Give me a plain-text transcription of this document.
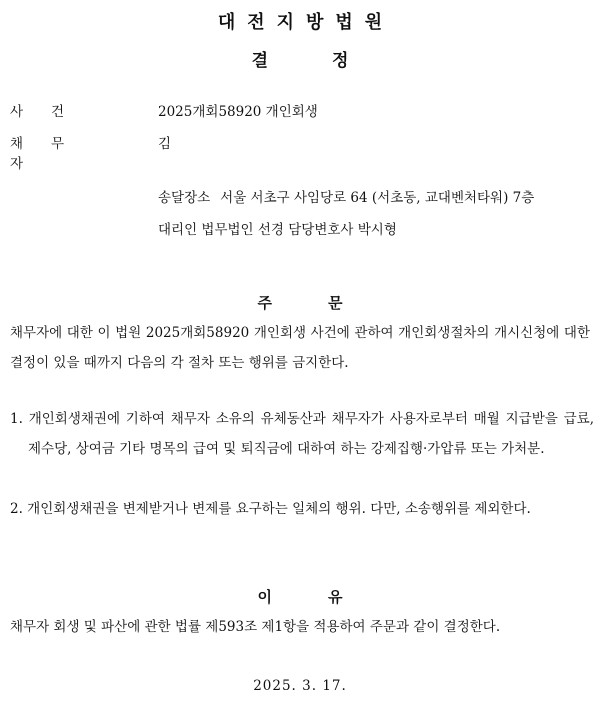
대전지방법원
결정
사건	2025개회58920 개인회생
채무자
김
송달장소 서울 서초구 사임당로 64 (서초동, 교대벤처타워) 7층
대리인 법무법인 선경 담당변호사 박시형
주문
채무자에 대한 이 법원 2025개회58920 개인회생 사건에 관하여 개인회생절차의 개시신청에 대한 결정이 있을 때까지 다음의 각 절차 또는 행위를 금지한다.
1. 개인회생채권에 기하여 채무자 소유의 유체동산과 채무자가 사용자로부터 매월 지급받을 급료, 제수당, 상여금 기타 명목의 급여 및 퇴직금에 대하여 하는 강제집행·가압류 또는 가처분.
2. 개인회생채권을 변제받거나 변제를 요구하는 일체의 행위. 다만, 소송행위를 제외한다.
이유
채무자 회생 및 파산에 관한 법률 제593조 제1항을 적용하여 주문과 같이 결정한다.
2025. 3. 17.
